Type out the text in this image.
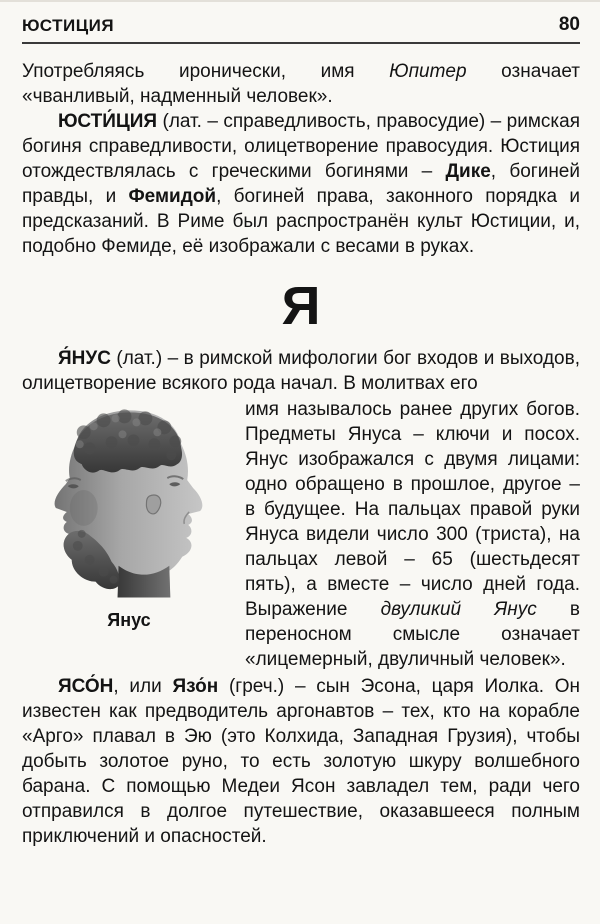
ЮСТИЦИЯ	80

Употребляясь иронически, имя Юпитер означает «чванливый, надменный человек».

ЮСТИ́ЦИЯ (лат. – справедливость, правосудие) – римская богиня справедливости, олицетворение правосудия. Юстиция отождествлялась с греческими богинями – Дике, богиней правды, и Фемидой, богиней права, законного порядка и предсказаний. В Риме был распространён культ Юстиции, и, подобно Фемиде, её изображали с весами в руках.

Я

Я́НУС (лат.) – в римской мифологии бог входов и выходов, олицетворение всякого рода начал. В молитвах его

Янус

имя называлось ранее других богов. Предметы Януса – ключи и посох. Янус изображался с двумя лицами: одно обращено в прошлое, другое – в будущее. На пальцах правой руки Януса видели число 300 (триста), на пальцах левой – 65 (шестьдесят пять), а вместе – число дней года. Выражение двуликий Янус в переносном смысле означает «лицемерный, двуличный человек».

ЯСО́Н, или Язо́н (греч.) – сын Эсона, царя Иолка. Он известен как предводитель аргонавтов – тех, кто на корабле «Арго» плавал в Эю (это Колхида, Западная Грузия), чтобы добыть золотое руно, то есть золотую шкуру волшебного барана. С помощью Медеи Ясон завладел тем, ради чего отправился в долгое путешествие, оказавшееся полным приключений и опасностей.
